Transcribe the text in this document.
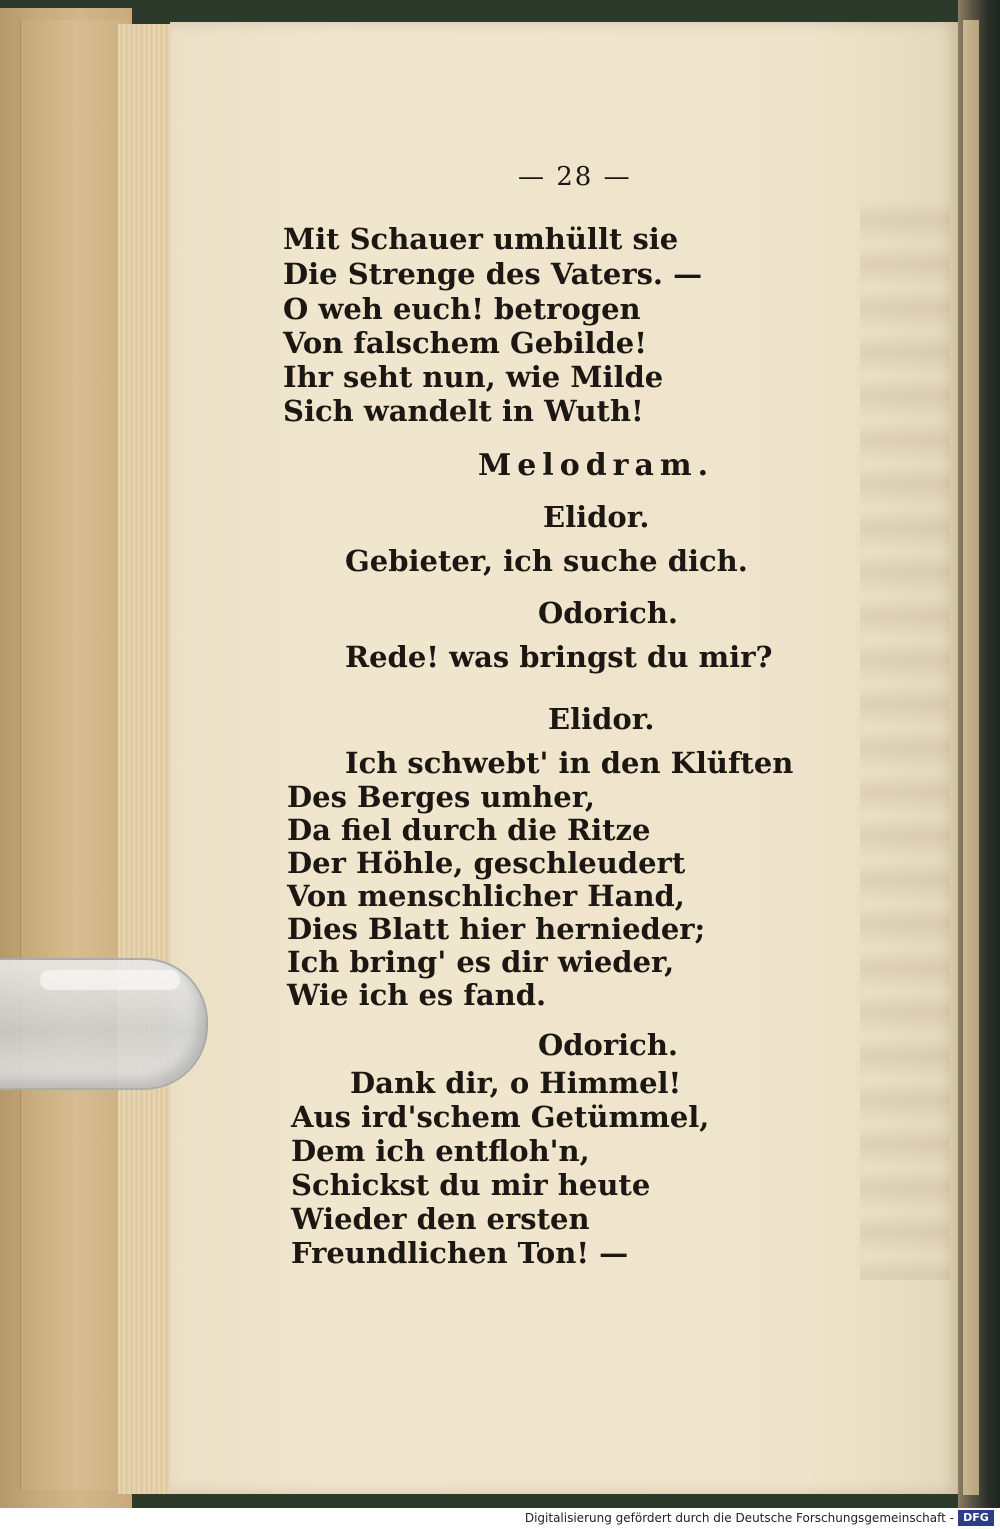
— 28 —
Mit Schauer umhüllt sie
Die Strenge des Vaters. —
O weh euch! betrogen
Von falschem Gebilde!
Ihr seht nun, wie Milde
Sich wandelt in Wuth!
Melodram.
Elidor.
Gebieter, ich suche dich.
Odorich.
Rede! was bringst du mir?
Elidor.
Ich schwebt' in den Klüften
Des Berges umher,
Da fiel durch die Ritze
Der Höhle, geschleudert
Von menschlicher Hand,
Dies Blatt hier hernieder;
Ich bring' es dir wieder,
Wie ich es fand.
Odorich.
Dank dir, o Himmel!
Aus ird'schem Getümmel,
Dem ich entfloh'n,
Schickst du mir heute
Wieder den ersten
Freundlichen Ton! —
Digitalisierung gefördert durch die Deutsche Forschungsgemeinschaft - DFG
